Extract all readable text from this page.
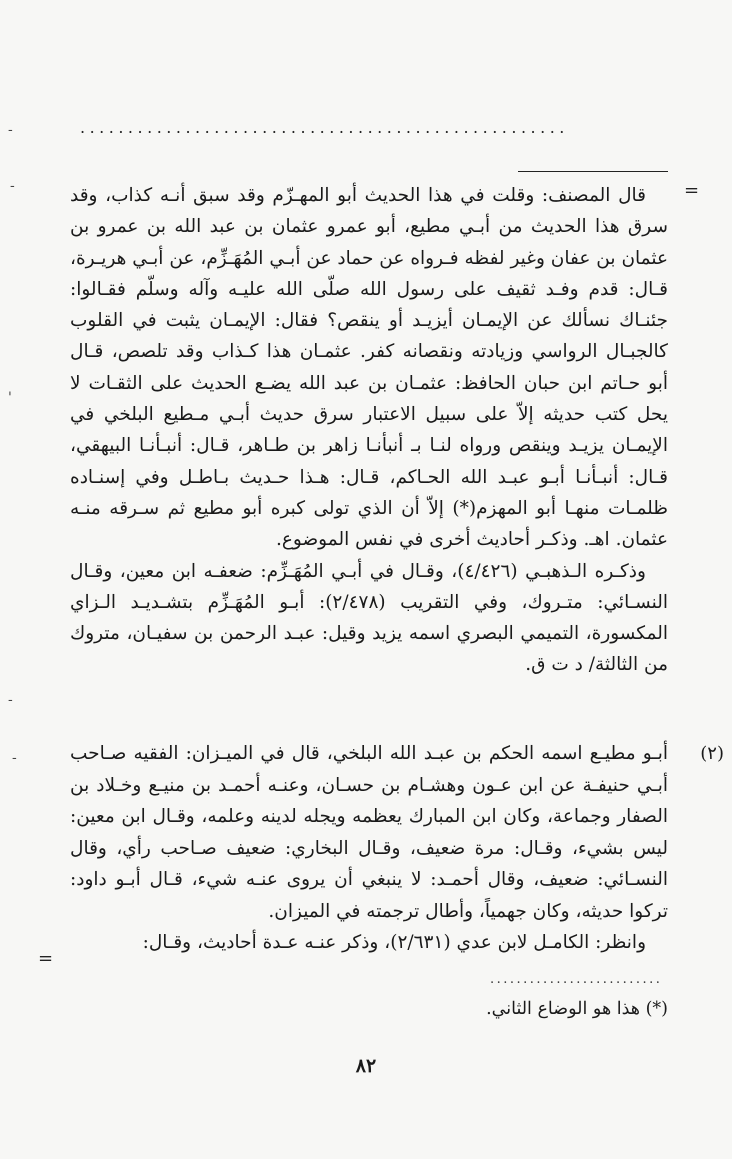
...................................................
=
-
-
'
-
-

قال المصنف: وقلت في هذا الحديث أبو المهـزّم وقد سبق أنـه كذاب، وقد سرق هذا الحديث من أبـي مطيع، أبو عمرو عثمان بن عبد الله بن عمرو بن عثمان بن عفان وغير لفظه فـرواه عن حماد عن أبـي المُهَـزِّم، عن أبـي هريـرة، قـال: قدم وفـد ثقيف على رسول الله صلّى الله عليـه وآله وسلّم فقـالوا: جئنـاك نسألك عن الإيمـان أيزيـد أو ينقص؟ فقال: الإيمـان يثبت في القلوب كالجبـال الرواسي وزيادته ونقصانه كفر. عثمـان هذا كـذاب وقد تلصص، قـال أبو حـاتم ابن حبان الحافظ: عثمـان بن عبد الله يضـع الحديث على الثقـات لا يحل كتب حديثه إلاّ على سبيل الاعتبار سرق حديث أبـي مـطيع البلخي في الإيمـان يزيـد وينقص ورواه لنـا بـ أنبأنـا زاهر بن طـاهر، قـال: أنبـأنـا البيهقي، قـال: أنبـأنـا أبـو عبـد الله الحـاكم، قـال: هـذا حـديث بـاطـل وفي إسنـاده ظلمـات منهـا أبو المهزم(*) إلاّ أن الذي تولى كبره أبو مطيع ثم سـرقه منـه عثمان. اهـ. وذكـر أحاديث أخرى في نفس الموضوع.

وذكـره الـذهبـي (٤/٤٢٦)، وقـال في أبـي المُهَـزِّم: ضعفـه ابن معين، وقـال النسـائي: متـروك، وفي التقريب (٢/٤٧٨): أبـو المُهَـزِّم بتشـديـد الـزاي المكسورة، التميمي البصري اسمه يزيد وقيل: عبـد الرحمن بن سفيـان، متروك من الثالثة/ د ت ق.

(٢)

أبـو مطيـع اسمه الحكم بن عبـد الله البلخي، قال في الميـزان: الفقيه صـاحب أبـي حنيفـة عن ابن عـون وهشـام بن حسـان، وعنـه أحمـد بن منيـع وخـلاد بن الصفار وجماعة، وكان ابن المبارك يعظمه ويجله لدينه وعلمه، وقـال ابن معين: ليس بشيء، وقـال: مرة ضعيف، وقـال البخاري: ضعيف صـاحب رأي، وقال النسـائي: ضعيف، وقال أحمـد: لا ينبغي أن يروى عنـه شيء، قـال أبـو داود: تركوا حديثه، وكان جهمياً، وأطال ترجمته في الميزان.

وانظر: الكامـل لابن عدي (٢/٦٣١)، وذكر عنـه عـدة أحاديث، وقـال:

=
..........................
(*) هذا هو الوضاع الثاني.
٨٢
